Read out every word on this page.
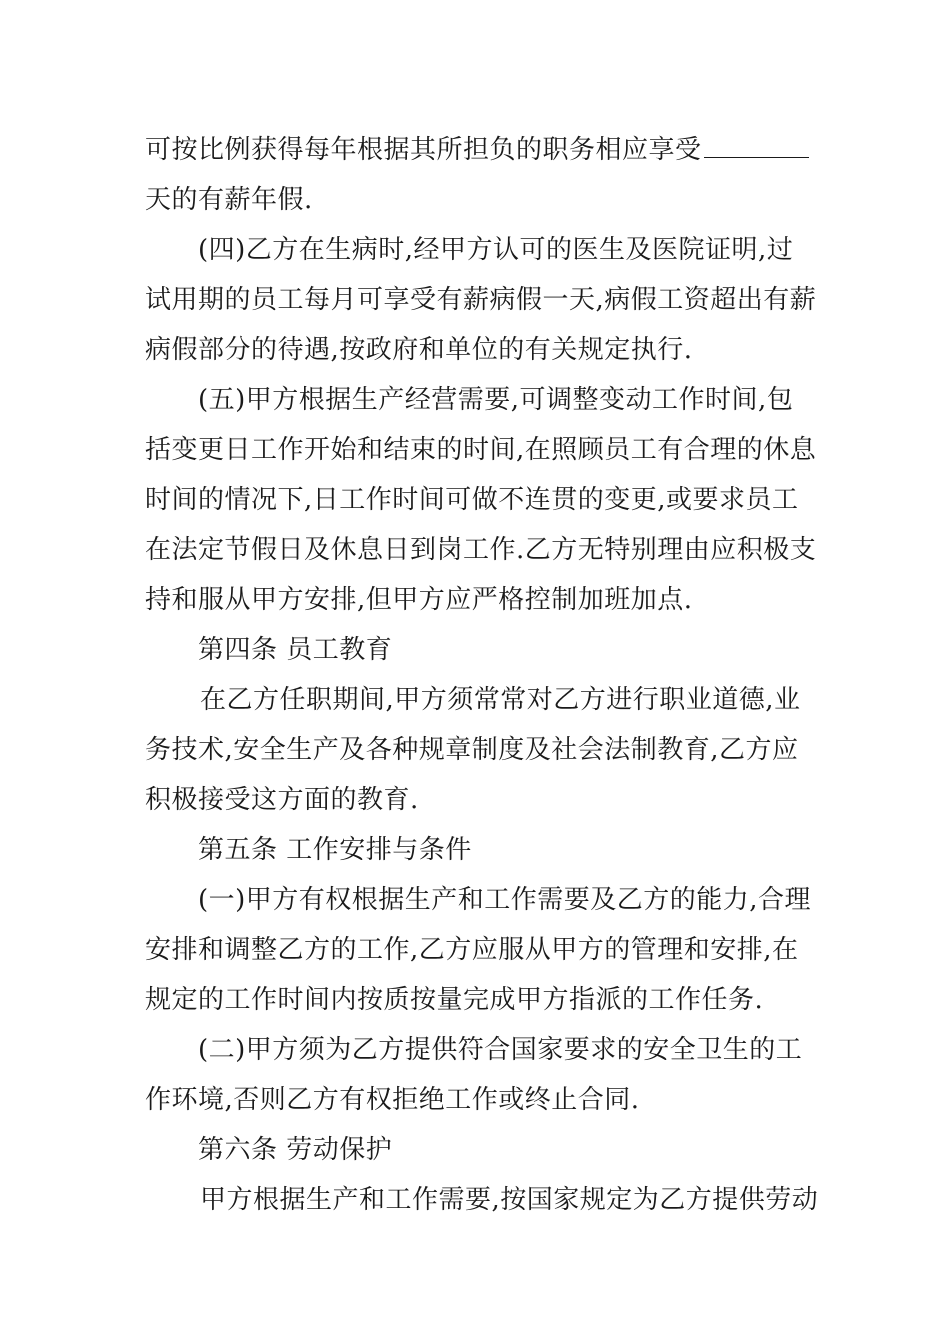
可按比例获得每年根据其所担负的职务相应享受
天的有薪年假.
(四)乙方在生病时,经甲方认可的医生及医院证明,过
试用期的员工每月可享受有薪病假一天,病假工资超出有薪
病假部分的待遇,按政府和单位的有关规定执行.
(五)甲方根据生产经营需要,可调整变动工作时间,包
括变更日工作开始和结束的时间,在照顾员工有合理的休息
时间的情况下,日工作时间可做不连贯的变更,或要求员工
在法定节假日及休息日到岗工作.乙方无特别理由应积极支
持和服从甲方安排,但甲方应严格控制加班加点.
第四条 员工教育
在乙方任职期间,甲方须常常对乙方进行职业道德,业
务技术,安全生产及各种规章制度及社会法制教育,乙方应
积极接受这方面的教育.
第五条 工作安排与条件
(一)甲方有权根据生产和工作需要及乙方的能力,合理
安排和调整乙方的工作,乙方应服从甲方的管理和安排,在
规定的工作时间内按质按量完成甲方指派的工作任务.
(二)甲方须为乙方提供符合国家要求的安全卫生的工
作环境,否则乙方有权拒绝工作或终止合同.
第六条 劳动保护
甲方根据生产和工作需要,按国家规定为乙方提供劳动
